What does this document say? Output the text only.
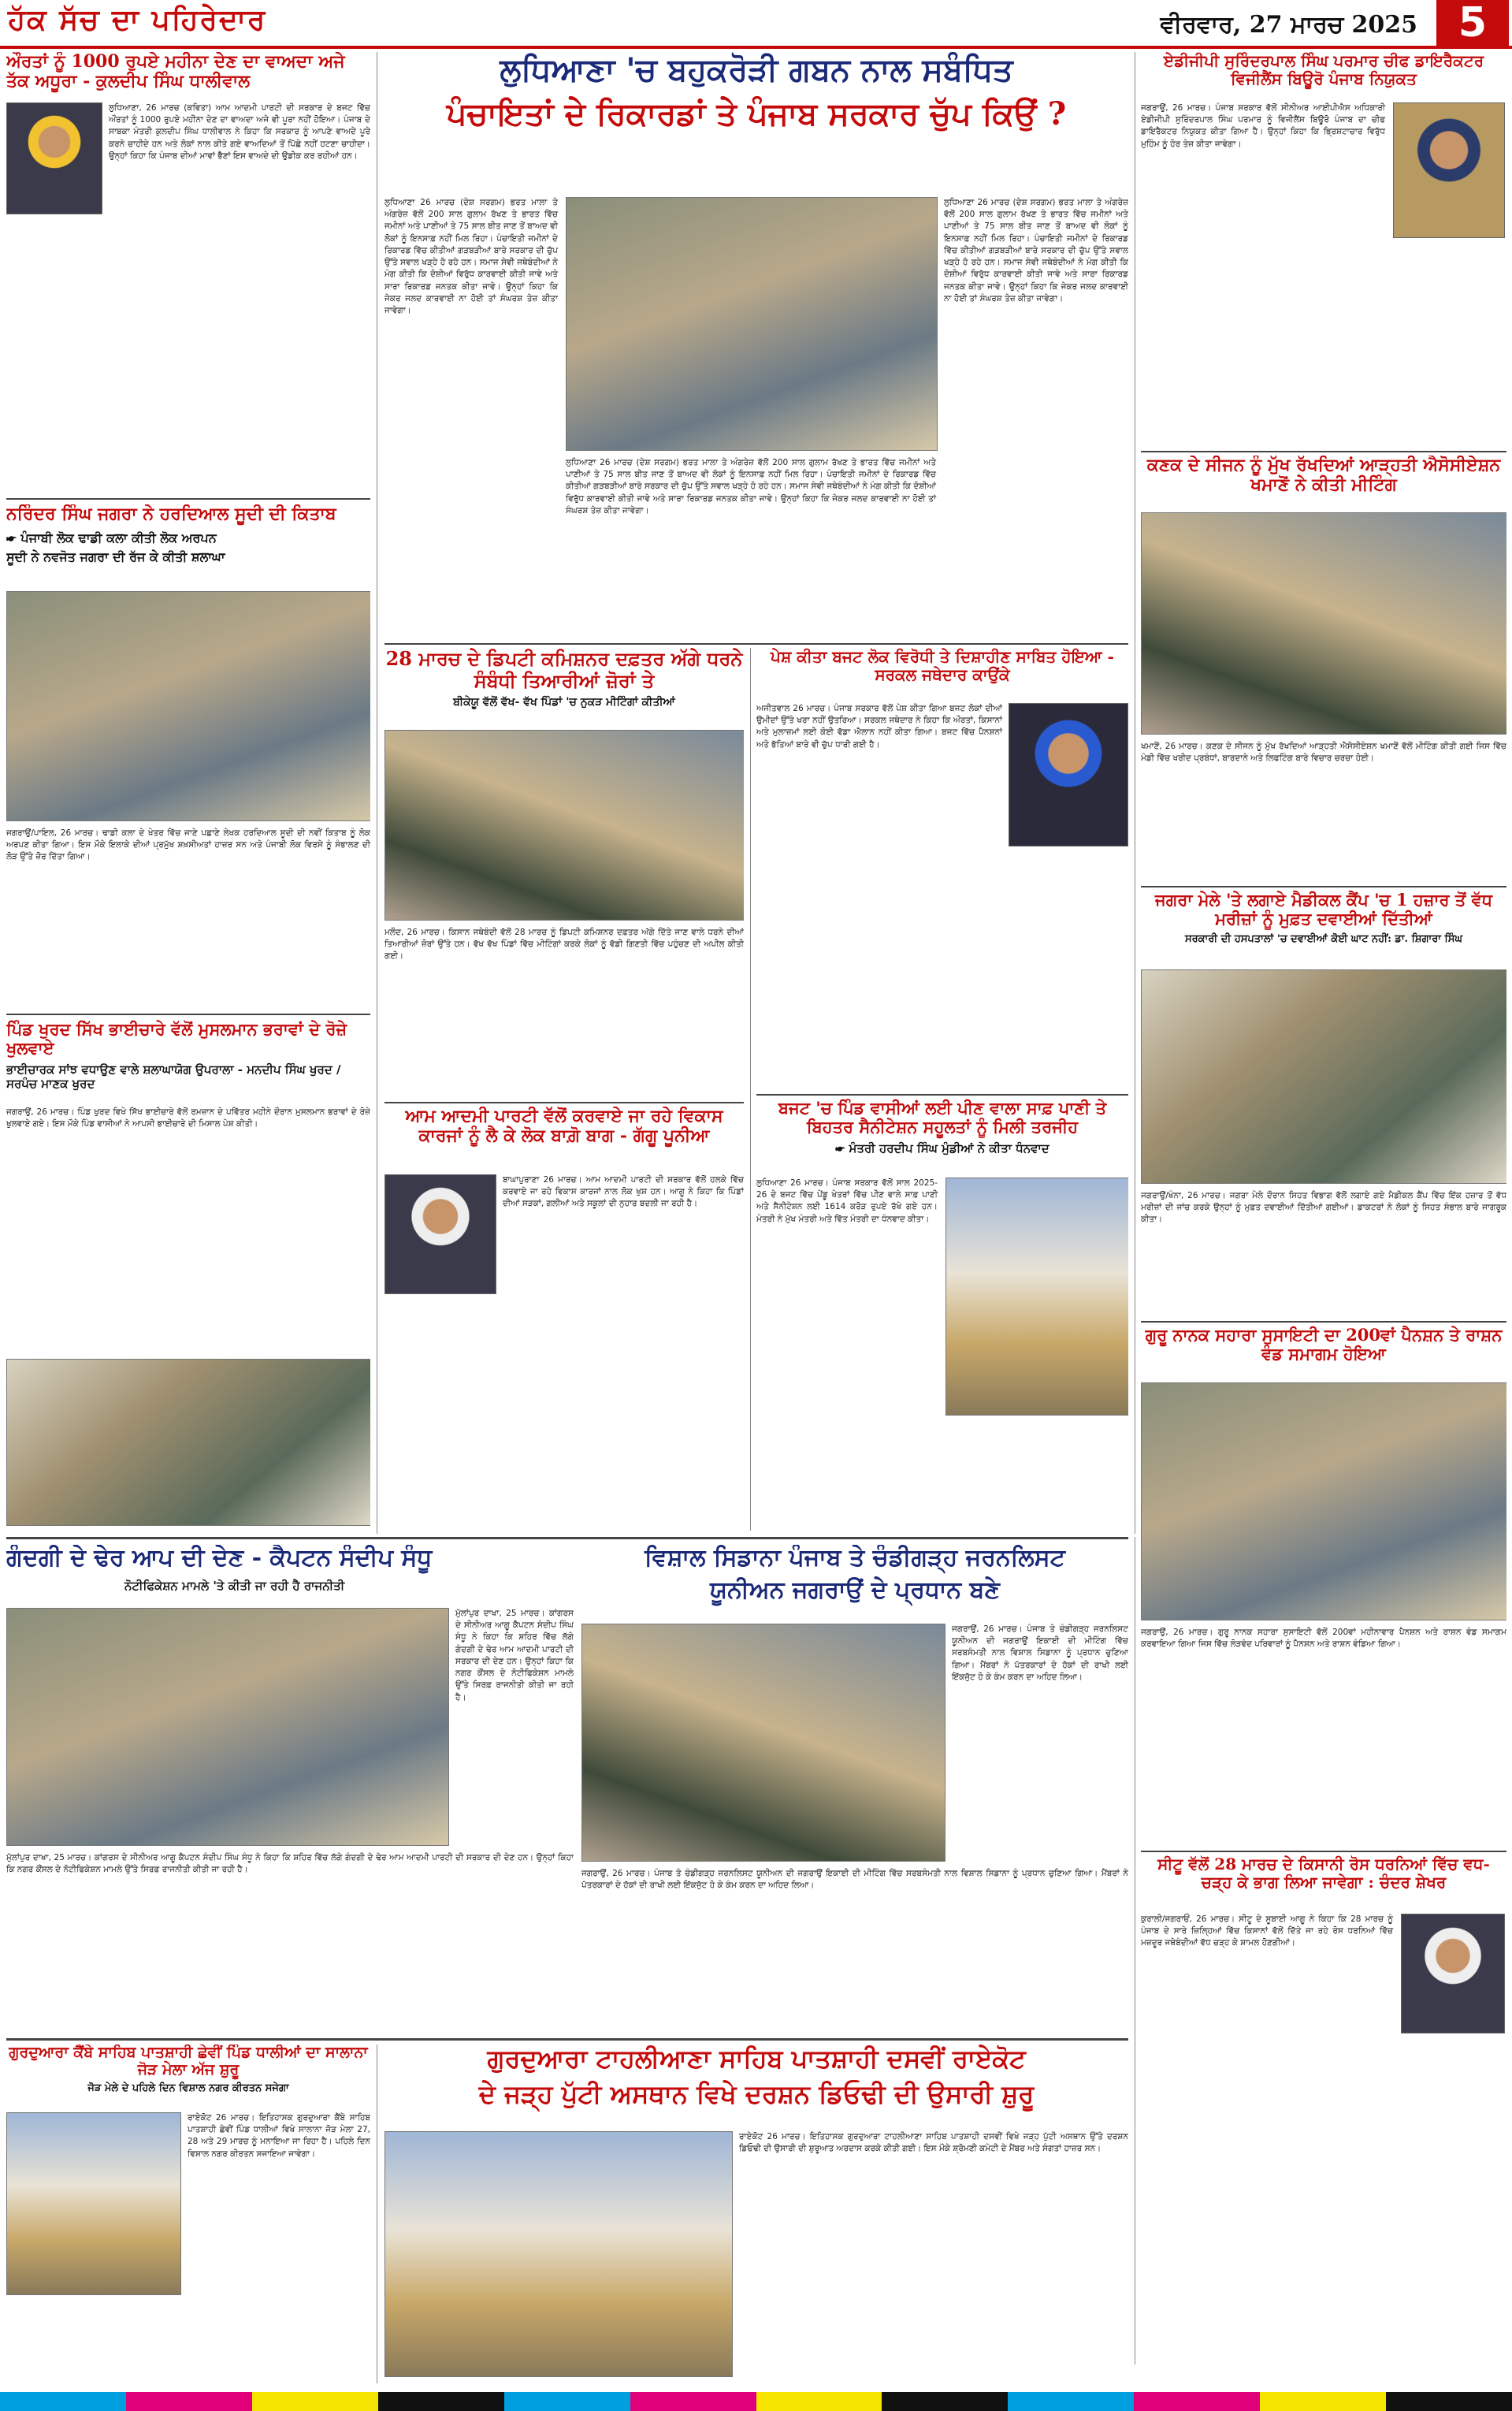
ਹੱਕ ਸੱਚ ਦਾ ਪਹਿਰੇਦਾਰ	ਵੀਰਵਾਰ, 27 ਮਾਰਚ 2025 5
ਔਰਤਾਂ ਨੂੰ 1000 ਰੁਪਏ ਮਹੀਨਾ ਦੇਣ ਦਾ ਵਾਅਦਾ ਅਜੇ ਤੱਕ ਅਧੂਰਾ - ਕੁਲਦੀਪ ਸਿੰਘ ਧਾਲੀਵਾਲ
ਲੁਧਿਆਣਾ, 26 ਮਾਰਚ (ਕਵਿਤਾ) ਆਮ ਆਦਮੀ ਪਾਰਟੀ ਦੀ ਸਰਕਾਰ ਦੇ ਬਜਟ ਵਿੱਚ ਔਰਤਾਂ ਨੂੰ 1000 ਰੁਪਏ ਮਹੀਨਾ ਦੇਣ ਦਾ ਵਾਅਦਾ ਅਜੇ ਵੀ ਪੂਰਾ ਨਹੀਂ ਹੋਇਆ। ਪੰਜਾਬ ਦੇ ਸਾਬਕਾ ਮੰਤਰੀ ਕੁਲਦੀਪ ਸਿੰਘ ਧਾਲੀਵਾਲ ਨੇ ਕਿਹਾ ਕਿ ਸਰਕਾਰ ਨੂੰ ਆਪਣੇ ਵਾਅਦੇ ਪੂਰੇ ਕਰਨੇ ਚਾਹੀਦੇ ਹਨ ਅਤੇ ਲੋਕਾਂ ਨਾਲ ਕੀਤੇ ਗਏ ਵਾਅਦਿਆਂ ਤੋਂ ਪਿੱਛੇ ਨਹੀਂ ਹਟਣਾ ਚਾਹੀਦਾ। ਉਨ੍ਹਾਂ ਕਿਹਾ ਕਿ ਪੰਜਾਬ ਦੀਆਂ ਮਾਵਾਂ ਭੈਣਾਂ ਇਸ ਵਾਅਦੇ ਦੀ ਉਡੀਕ ਕਰ ਰਹੀਆਂ ਹਨ।
ਨਰਿੰਦਰ ਸਿੰਘ ਜਗਰਾ ਨੇ ਹਰਦਿਆਲ ਸੂਦੀ ਦੀ ਕਿਤਾਬ
☛ ਪੰਜਾਬੀ ਲੋਕ ਢਾਡੀ ਕਲਾ ਕੀਤੀ ਲੋਕ ਅਰਪਨ
ਸੂਦੀ ਨੇ ਨਵਜੋਤ ਜਗਰਾ ਦੀ ਰੱਜ ਕੇ ਕੀਤੀ ਸ਼ਲਾਘਾ
ਜਗਰਾਉਂ/ਪਾਇਲ, 26 ਮਾਰਚ। ਢਾਡੀ ਕਲਾ ਦੇ ਖੇਤਰ ਵਿੱਚ ਜਾਣੇ ਪਛਾਣੇ ਲੇਖਕ ਹਰਦਿਆਲ ਸੂਦੀ ਦੀ ਨਵੀਂ ਕਿਤਾਬ ਨੂੰ ਲੋਕ ਅਰਪਣ ਕੀਤਾ ਗਿਆ। ਇਸ ਮੌਕੇ ਇਲਾਕੇ ਦੀਆਂ ਪ੍ਰਮੁੱਖ ਸ਼ਖ਼ਸੀਅਤਾਂ ਹਾਜ਼ਰ ਸਨ ਅਤੇ ਪੰਜਾਬੀ ਲੋਕ ਵਿਰਸੇ ਨੂੰ ਸੰਭਾਲਣ ਦੀ ਲੋੜ ਉੱਤੇ ਜ਼ੋਰ ਦਿੱਤਾ ਗਿਆ।
ਪਿੰਡ ਖੁਰਦ ਸਿੱਖ ਭਾਈਚਾਰੇ ਵੱਲੋਂ ਮੁਸਲਮਾਨ ਭਰਾਵਾਂ ਦੇ ਰੋਜ਼ੇ ਖੁਲਵਾਏ
ਭਾਈਚਾਰਕ ਸਾਂਝ ਵਧਾਉਣ ਵਾਲੇ ਸ਼ਲਾਘਾਯੋਗ ਉਪਰਾਲਾ - ਮਨਦੀਪ ਸਿੰਘ ਖੁਰਦ / ਸਰਪੰਚ ਮਾਣਕ ਖੁਰਦ
ਜਗਰਾਉਂ, 26 ਮਾਰਚ। ਪਿੰਡ ਖੁਰਦ ਵਿਖੇ ਸਿੱਖ ਭਾਈਚਾਰੇ ਵੱਲੋਂ ਰਮਜ਼ਾਨ ਦੇ ਪਵਿੱਤਰ ਮਹੀਨੇ ਦੌਰਾਨ ਮੁਸਲਮਾਨ ਭਰਾਵਾਂ ਦੇ ਰੋਜ਼ੇ ਖੁਲਵਾਏ ਗਏ। ਇਸ ਮੌਕੇ ਪਿੰਡ ਵਾਸੀਆਂ ਨੇ ਆਪਸੀ ਭਾਈਚਾਰੇ ਦੀ ਮਿਸਾਲ ਪੇਸ਼ ਕੀਤੀ।
ਲੁਧਿਆਣਾ 'ਚ ਬਹੁਕਰੋੜੀ ਗਬਨ ਨਾਲ ਸਬੰਧਿਤ
ਪੰਚਾਇਤਾਂ ਦੇ ਰਿਕਾਰਡਾਂ ਤੇ ਪੰਜਾਬ ਸਰਕਾਰ ਚੁੱਪ ਕਿਉਂ ?
ਲੁਧਿਆਣਾ 26 ਮਾਰਚ (ਦੇਸ਼ ਸਰਗਮ) ਭਰਤ ਮਾਲਾ ਤੇ ਅੰਗਰੇਜ਼ ਵੱਲੋਂ 200 ਸਾਲ ਗੁਲਾਮ ਰੱਖਣ ਤੇ ਭਾਰਤ ਵਿੱਚ ਜਮੀਨਾਂ ਅਤੇ ਪਾਣੀਆਂ ਤੇ 75 ਸਾਲ ਬੀਤ ਜਾਣ ਤੋਂ ਬਾਅਦ ਵੀ ਲੋਕਾਂ ਨੂੰ ਇਨਸਾਫ਼ ਨਹੀਂ ਮਿਲ ਰਿਹਾ। ਪੰਚਾਇਤੀ ਜਮੀਨਾਂ ਦੇ ਰਿਕਾਰਡ ਵਿੱਚ ਕੀਤੀਆਂ ਗੜਬੜੀਆਂ ਬਾਰੇ ਸਰਕਾਰ ਦੀ ਚੁੱਪ ਉੱਤੇ ਸਵਾਲ ਖੜ੍ਹੇ ਹੋ ਰਹੇ ਹਨ। ਸਮਾਜ ਸੇਵੀ ਜਥੇਬੰਦੀਆਂ ਨੇ ਮੰਗ ਕੀਤੀ ਕਿ ਦੋਸ਼ੀਆਂ ਵਿਰੁੱਧ ਕਾਰਵਾਈ ਕੀਤੀ ਜਾਵੇ ਅਤੇ ਸਾਰਾ ਰਿਕਾਰਡ ਜਨਤਕ ਕੀਤਾ ਜਾਵੇ। ਉਨ੍ਹਾਂ ਕਿਹਾ ਕਿ ਜੇਕਰ ਜਲਦ ਕਾਰਵਾਈ ਨਾ ਹੋਈ ਤਾਂ ਸੰਘਰਸ਼ ਤੇਜ਼ ਕੀਤਾ ਜਾਵੇਗਾ।
ਲੁਧਿਆਣਾ 26 ਮਾਰਚ (ਦੇਸ਼ ਸਰਗਮ) ਭਰਤ ਮਾਲਾ ਤੇ ਅੰਗਰੇਜ਼ ਵੱਲੋਂ 200 ਸਾਲ ਗੁਲਾਮ ਰੱਖਣ ਤੇ ਭਾਰਤ ਵਿੱਚ ਜਮੀਨਾਂ ਅਤੇ ਪਾਣੀਆਂ ਤੇ 75 ਸਾਲ ਬੀਤ ਜਾਣ ਤੋਂ ਬਾਅਦ ਵੀ ਲੋਕਾਂ ਨੂੰ ਇਨਸਾਫ਼ ਨਹੀਂ ਮਿਲ ਰਿਹਾ। ਪੰਚਾਇਤੀ ਜਮੀਨਾਂ ਦੇ ਰਿਕਾਰਡ ਵਿੱਚ ਕੀਤੀਆਂ ਗੜਬੜੀਆਂ ਬਾਰੇ ਸਰਕਾਰ ਦੀ ਚੁੱਪ ਉੱਤੇ ਸਵਾਲ ਖੜ੍ਹੇ ਹੋ ਰਹੇ ਹਨ। ਸਮਾਜ ਸੇਵੀ ਜਥੇਬੰਦੀਆਂ ਨੇ ਮੰਗ ਕੀਤੀ ਕਿ ਦੋਸ਼ੀਆਂ ਵਿਰੁੱਧ ਕਾਰਵਾਈ ਕੀਤੀ ਜਾਵੇ ਅਤੇ ਸਾਰਾ ਰਿਕਾਰਡ ਜਨਤਕ ਕੀਤਾ ਜਾਵੇ। ਉਨ੍ਹਾਂ ਕਿਹਾ ਕਿ ਜੇਕਰ ਜਲਦ ਕਾਰਵਾਈ ਨਾ ਹੋਈ ਤਾਂ ਸੰਘਰਸ਼ ਤੇਜ਼ ਕੀਤਾ ਜਾਵੇਗਾ।
ਲੁਧਿਆਣਾ 26 ਮਾਰਚ (ਦੇਸ਼ ਸਰਗਮ) ਭਰਤ ਮਾਲਾ ਤੇ ਅੰਗਰੇਜ਼ ਵੱਲੋਂ 200 ਸਾਲ ਗੁਲਾਮ ਰੱਖਣ ਤੇ ਭਾਰਤ ਵਿੱਚ ਜਮੀਨਾਂ ਅਤੇ ਪਾਣੀਆਂ ਤੇ 75 ਸਾਲ ਬੀਤ ਜਾਣ ਤੋਂ ਬਾਅਦ ਵੀ ਲੋਕਾਂ ਨੂੰ ਇਨਸਾਫ਼ ਨਹੀਂ ਮਿਲ ਰਿਹਾ। ਪੰਚਾਇਤੀ ਜਮੀਨਾਂ ਦੇ ਰਿਕਾਰਡ ਵਿੱਚ ਕੀਤੀਆਂ ਗੜਬੜੀਆਂ ਬਾਰੇ ਸਰਕਾਰ ਦੀ ਚੁੱਪ ਉੱਤੇ ਸਵਾਲ ਖੜ੍ਹੇ ਹੋ ਰਹੇ ਹਨ। ਸਮਾਜ ਸੇਵੀ ਜਥੇਬੰਦੀਆਂ ਨੇ ਮੰਗ ਕੀਤੀ ਕਿ ਦੋਸ਼ੀਆਂ ਵਿਰੁੱਧ ਕਾਰਵਾਈ ਕੀਤੀ ਜਾਵੇ ਅਤੇ ਸਾਰਾ ਰਿਕਾਰਡ ਜਨਤਕ ਕੀਤਾ ਜਾਵੇ। ਉਨ੍ਹਾਂ ਕਿਹਾ ਕਿ ਜੇਕਰ ਜਲਦ ਕਾਰਵਾਈ ਨਾ ਹੋਈ ਤਾਂ ਸੰਘਰਸ਼ ਤੇਜ਼ ਕੀਤਾ ਜਾਵੇਗਾ।
28 ਮਾਰਚ ਦੇ ਡਿਪਟੀ ਕਮਿਸ਼ਨਰ ਦਫ਼ਤਰ ਅੱਗੇ ਧਰਨੇ ਸੰਬੰਧੀ ਤਿਆਰੀਆਂ ਜ਼ੋਰਾਂ ਤੇ
ਬੀਕੇਯੂ ਵੱਲੋਂ ਵੱਖ- ਵੱਖ ਪਿੰਡਾਂ 'ਚ ਨੁਕੜ ਮੀਟਿੰਗਾਂ ਕੀਤੀਆਂ
ਮਲੌਦ, 26 ਮਾਰਚ। ਕਿਸਾਨ ਜਥੇਬੰਦੀ ਵੱਲੋਂ 28 ਮਾਰਚ ਨੂੰ ਡਿਪਟੀ ਕਮਿਸ਼ਨਰ ਦਫ਼ਤਰ ਅੱਗੇ ਦਿੱਤੇ ਜਾਣ ਵਾਲੇ ਧਰਨੇ ਦੀਆਂ ਤਿਆਰੀਆਂ ਜ਼ੋਰਾਂ ਉੱਤੇ ਹਨ। ਵੱਖ ਵੱਖ ਪਿੰਡਾਂ ਵਿੱਚ ਮੀਟਿੰਗਾਂ ਕਰਕੇ ਲੋਕਾਂ ਨੂੰ ਵੱਡੀ ਗਿਣਤੀ ਵਿੱਚ ਪਹੁੰਚਣ ਦੀ ਅਪੀਲ ਕੀਤੀ ਗਈ।
ਆਮ ਆਦਮੀ ਪਾਰਟੀ ਵੱਲੋਂ ਕਰਵਾਏ ਜਾ ਰਹੇ ਵਿਕਾਸ ਕਾਰਜਾਂ ਨੂੰ ਲੈ ਕੇ ਲੋਕ ਬਾਗ਼ੋ ਬਾਗ - ਗੱਗੂ ਪੂਨੀਆ
ਬਾਘਾਪੁਰਾਣਾ 26 ਮਾਰਚ। ਆਮ ਆਦਮੀ ਪਾਰਟੀ ਦੀ ਸਰਕਾਰ ਵੱਲੋਂ ਹਲਕੇ ਵਿੱਚ ਕਰਵਾਏ ਜਾ ਰਹੇ ਵਿਕਾਸ ਕਾਰਜਾਂ ਨਾਲ ਲੋਕ ਖੁਸ਼ ਹਨ। ਆਗੂ ਨੇ ਕਿਹਾ ਕਿ ਪਿੰਡਾਂ ਦੀਆਂ ਸੜਕਾਂ, ਗਲੀਆਂ ਅਤੇ ਸਕੂਲਾਂ ਦੀ ਨੁਹਾਰ ਬਦਲੀ ਜਾ ਰਹੀ ਹੈ।
ਪੇਸ਼ ਕੀਤਾ ਬਜਟ ਲੋਕ ਵਿਰੋਧੀ ਤੇ ਦਿਸ਼ਾਹੀਣ ਸਾਬਿਤ ਹੋਇਆ - ਸਰਕਲ ਜਥੇਦਾਰ ਕਾਉਂਕੇ
ਅਜੀਤਵਾਲ 26 ਮਾਰਚ। ਪੰਜਾਬ ਸਰਕਾਰ ਵੱਲੋਂ ਪੇਸ਼ ਕੀਤਾ ਗਿਆ ਬਜਟ ਲੋਕਾਂ ਦੀਆਂ ਉਮੀਦਾਂ ਉੱਤੇ ਖਰਾ ਨਹੀਂ ਉਤਰਿਆ। ਸਰਕਲ ਜਥੇਦਾਰ ਨੇ ਕਿਹਾ ਕਿ ਔਰਤਾਂ, ਕਿਸਾਨਾਂ ਅਤੇ ਮੁਲਾਜ਼ਮਾਂ ਲਈ ਕੋਈ ਵੱਡਾ ਐਲਾਨ ਨਹੀਂ ਕੀਤਾ ਗਿਆ। ਬਜਟ ਵਿੱਚ ਪੈਨਸ਼ਨਾਂ ਅਤੇ ਭੱਤਿਆਂ ਬਾਰੇ ਵੀ ਚੁੱਪ ਧਾਰੀ ਗਈ ਹੈ।
ਬਜਟ 'ਚ ਪਿੰਡ ਵਾਸੀਆਂ ਲਈ ਪੀਣ ਵਾਲਾ ਸਾਫ਼ ਪਾਣੀ ਤੇ ਬਿਹਤਰ ਸੈਨੀਟੇਸ਼ਨ ਸਹੂਲਤਾਂ ਨੂੰ ਮਿਲੀ ਤਰਜੀਹ
☛ ਮੰਤਰੀ ਹਰਦੀਪ ਸਿੰਘ ਮੁੰਡੀਆਂ ਨੇ ਕੀਤਾ ਧੰਨਵਾਦ
ਲੁਧਿਆਣਾ 26 ਮਾਰਚ। ਪੰਜਾਬ ਸਰਕਾਰ ਵੱਲੋਂ ਸਾਲ 2025-26 ਦੇ ਬਜਟ ਵਿੱਚ ਪੇਂਡੂ ਖੇਤਰਾਂ ਵਿੱਚ ਪੀਣ ਵਾਲੇ ਸਾਫ਼ ਪਾਣੀ ਅਤੇ ਸੈਨੀਟੇਸ਼ਨ ਲਈ 1614 ਕਰੋੜ ਰੁਪਏ ਰੱਖੇ ਗਏ ਹਨ। ਮੰਤਰੀ ਨੇ ਮੁੱਖ ਮੰਤਰੀ ਅਤੇ ਵਿੱਤ ਮੰਤਰੀ ਦਾ ਧੰਨਵਾਦ ਕੀਤਾ।
ਏਡੀਜੀਪੀ ਸੁਰਿੰਦਰਪਾਲ ਸਿੰਘ ਪਰਮਾਰ ਚੀਫ ਡਾਇਰੈਕਟਰ ਵਿਜੀਲੈਂਸ ਬਿਊਰੋ ਪੰਜਾਬ ਨਿਯੁਕਤ
ਜਗਰਾਉਂ, 26 ਮਾਰਚ। ਪੰਜਾਬ ਸਰਕਾਰ ਵੱਲੋਂ ਸੀਨੀਅਰ ਆਈਪੀਐਸ ਅਧਿਕਾਰੀ ਏਡੀਜੀਪੀ ਸੁਰਿੰਦਰਪਾਲ ਸਿੰਘ ਪਰਮਾਰ ਨੂੰ ਵਿਜੀਲੈਂਸ ਬਿਊਰੋ ਪੰਜਾਬ ਦਾ ਚੀਫ ਡਾਇਰੈਕਟਰ ਨਿਯੁਕਤ ਕੀਤਾ ਗਿਆ ਹੈ। ਉਨ੍ਹਾਂ ਕਿਹਾ ਕਿ ਭ੍ਰਿਸ਼ਟਾਚਾਰ ਵਿਰੁੱਧ ਮੁਹਿੰਮ ਨੂੰ ਹੋਰ ਤੇਜ਼ ਕੀਤਾ ਜਾਵੇਗਾ।
ਕਣਕ ਦੇ ਸੀਜਨ ਨੂੰ ਮੁੱਖ ਰੱਖਦਿਆਂ ਆੜ੍ਹਤੀ ਐਸੋਸੀਏਸ਼ਨ ਖਮਾਣੋਂ ਨੇ ਕੀਤੀ ਮੀਟਿੰਗ
ਖਮਾਣੋਂ, 26 ਮਾਰਚ। ਕਣਕ ਦੇ ਸੀਜਨ ਨੂੰ ਮੁੱਖ ਰੱਖਦਿਆਂ ਆੜ੍ਹਤੀ ਐਸੋਸੀਏਸ਼ਨ ਖਮਾਣੋਂ ਵੱਲੋਂ ਮੀਟਿੰਗ ਕੀਤੀ ਗਈ ਜਿਸ ਵਿੱਚ ਮੰਡੀ ਵਿੱਚ ਖਰੀਦ ਪ੍ਰਬੰਧਾਂ, ਬਾਰਦਾਨੇ ਅਤੇ ਲਿਫਟਿੰਗ ਬਾਰੇ ਵਿਚਾਰ ਚਰਚਾ ਹੋਈ।
ਜਗਰਾ ਮੇਲੇ 'ਤੇ ਲਗਾਏ ਮੈਡੀਕਲ ਕੈਂਪ 'ਚ 1 ਹਜ਼ਾਰ ਤੋਂ ਵੱਧ ਮਰੀਜ਼ਾਂ ਨੂੰ ਮੁਫ਼ਤ ਦਵਾਈਆਂ ਦਿੱਤੀਆਂ
ਸਰਕਾਰੀ ਦੀ ਹਸਪਤਾਲਾਂ 'ਚ ਦਵਾਈਆਂ ਕੋਈ ਘਾਟ ਨਹੀਂ: ਡਾ. ਸ਼ਿਗਾਰਾ ਸਿੰਘ
ਜਗਰਾਉਂ/ਖੰਨਾ, 26 ਮਾਰਚ। ਜਗਰਾ ਮੇਲੇ ਦੌਰਾਨ ਸਿਹਤ ਵਿਭਾਗ ਵੱਲੋਂ ਲਗਾਏ ਗਏ ਮੈਡੀਕਲ ਕੈਂਪ ਵਿੱਚ ਇੱਕ ਹਜ਼ਾਰ ਤੋਂ ਵੱਧ ਮਰੀਜ਼ਾਂ ਦੀ ਜਾਂਚ ਕਰਕੇ ਉਨ੍ਹਾਂ ਨੂੰ ਮੁਫ਼ਤ ਦਵਾਈਆਂ ਦਿੱਤੀਆਂ ਗਈਆਂ। ਡਾਕਟਰਾਂ ਨੇ ਲੋਕਾਂ ਨੂੰ ਸਿਹਤ ਸੰਭਾਲ ਬਾਰੇ ਜਾਗਰੂਕ ਕੀਤਾ।
ਗੁਰੂ ਨਾਨਕ ਸਹਾਰਾ ਸੁਸਾਇਟੀ ਦਾ 200ਵਾਂ ਪੈਨਸ਼ਨ ਤੇ ਰਾਸ਼ਨ ਵੰਡ ਸਮਾਗਮ ਹੋਇਆ
ਜਗਰਾਉਂ, 26 ਮਾਰਚ। ਗੁਰੂ ਨਾਨਕ ਸਹਾਰਾ ਸੁਸਾਇਟੀ ਵੱਲੋਂ 200ਵਾਂ ਮਹੀਨਾਵਾਰ ਪੈਨਸ਼ਨ ਅਤੇ ਰਾਸ਼ਨ ਵੰਡ ਸਮਾਗਮ ਕਰਵਾਇਆ ਗਿਆ ਜਿਸ ਵਿੱਚ ਲੋੜਵੰਦ ਪਰਿਵਾਰਾਂ ਨੂੰ ਪੈਨਸ਼ਨ ਅਤੇ ਰਾਸ਼ਨ ਵੰਡਿਆ ਗਿਆ।
ਸੀਟੂ ਵੱਲੋਂ 28 ਮਾਰਚ ਦੇ ਕਿਸਾਨੀ ਰੋਸ ਧਰਨਿਆਂ ਵਿੱਚ ਵਧ- ਚੜ੍ਹ ਕੇ ਭਾਗ ਲਿਆ ਜਾਵੇਗਾ : ਚੰਦਰ ਸ਼ੇਖਰ
ਕੁਰਾਲੀ/ਜਗਰਾਓਂ, 26 ਮਾਰਚ। ਸੀਟੂ ਦੇ ਸੂਬਾਈ ਆਗੂ ਨੇ ਕਿਹਾ ਕਿ 28 ਮਾਰਚ ਨੂੰ ਪੰਜਾਬ ਦੇ ਸਾਰੇ ਜ਼ਿਲ੍ਹਿਆਂ ਵਿੱਚ ਕਿਸਾਨਾਂ ਵੱਲੋਂ ਦਿੱਤੇ ਜਾ ਰਹੇ ਰੋਸ ਧਰਨਿਆਂ ਵਿੱਚ ਮਜ਼ਦੂਰ ਜਥੇਬੰਦੀਆਂ ਵੱਧ ਚੜ੍ਹ ਕੇ ਸ਼ਾਮਲ ਹੋਣਗੀਆਂ।
ਗੰਦਗੀ ਦੇ ਢੇਰ ਆਪ ਦੀ ਦੇਣ - ਕੈਪਟਨ ਸੰਦੀਪ ਸੰਧੂ
ਨੋਟੀਫਿਕੇਸ਼ਨ ਮਾਮਲੇ 'ਤੇ ਕੀਤੀ ਜਾ ਰਹੀ ਹੈ ਰਾਜਨੀਤੀ
ਮੁੱਲਾਂਪੁਰ ਦਾਖਾ, 25 ਮਾਰਚ। ਕਾਂਗਰਸ ਦੇ ਸੀਨੀਅਰ ਆਗੂ ਕੈਪਟਨ ਸੰਦੀਪ ਸਿੰਘ ਸੰਧੂ ਨੇ ਕਿਹਾ ਕਿ ਸ਼ਹਿਰ ਵਿੱਚ ਲੱਗੇ ਗੰਦਗੀ ਦੇ ਢੇਰ ਆਮ ਆਦਮੀ ਪਾਰਟੀ ਦੀ ਸਰਕਾਰ ਦੀ ਦੇਣ ਹਨ। ਉਨ੍ਹਾਂ ਕਿਹਾ ਕਿ ਨਗਰ ਕੌਂਸਲ ਦੇ ਨੋਟੀਫਿਕੇਸ਼ਨ ਮਾਮਲੇ ਉੱਤੇ ਸਿਰਫ਼ ਰਾਜਨੀਤੀ ਕੀਤੀ ਜਾ ਰਹੀ ਹੈ।
ਮੁੱਲਾਂਪੁਰ ਦਾਖਾ, 25 ਮਾਰਚ। ਕਾਂਗਰਸ ਦੇ ਸੀਨੀਅਰ ਆਗੂ ਕੈਪਟਨ ਸੰਦੀਪ ਸਿੰਘ ਸੰਧੂ ਨੇ ਕਿਹਾ ਕਿ ਸ਼ਹਿਰ ਵਿੱਚ ਲੱਗੇ ਗੰਦਗੀ ਦੇ ਢੇਰ ਆਮ ਆਦਮੀ ਪਾਰਟੀ ਦੀ ਸਰਕਾਰ ਦੀ ਦੇਣ ਹਨ। ਉਨ੍ਹਾਂ ਕਿਹਾ ਕਿ ਨਗਰ ਕੌਂਸਲ ਦੇ ਨੋਟੀਫਿਕੇਸ਼ਨ ਮਾਮਲੇ ਉੱਤੇ ਸਿਰਫ਼ ਰਾਜਨੀਤੀ ਕੀਤੀ ਜਾ ਰਹੀ ਹੈ।
ਵਿਸ਼ਾਲ ਸਿਡਾਨਾ ਪੰਜਾਬ ਤੇ ਚੰਡੀਗੜ੍ਹ ਜਰਨਲਿਸਟ
ਯੂਨੀਅਨ ਜਗਰਾਉਂ ਦੇ ਪ੍ਰਧਾਨ ਬਣੇ
ਜਗਰਾਉਂ, 26 ਮਾਰਚ। ਪੰਜਾਬ ਤੇ ਚੰਡੀਗੜ੍ਹ ਜਰਨਲਿਸਟ ਯੂਨੀਅਨ ਦੀ ਜਗਰਾਉਂ ਇਕਾਈ ਦੀ ਮੀਟਿੰਗ ਵਿੱਚ ਸਰਬਸੰਮਤੀ ਨਾਲ ਵਿਸ਼ਾਲ ਸਿਡਾਨਾ ਨੂੰ ਪ੍ਰਧਾਨ ਚੁਣਿਆ ਗਿਆ। ਮੈਂਬਰਾਂ ਨੇ ਪੱਤਰਕਾਰਾਂ ਦੇ ਹੱਕਾਂ ਦੀ ਰਾਖੀ ਲਈ ਇੱਕਜੁੱਟ ਹੋ ਕੇ ਕੰਮ ਕਰਨ ਦਾ ਅਹਿਦ ਲਿਆ।
ਜਗਰਾਉਂ, 26 ਮਾਰਚ। ਪੰਜਾਬ ਤੇ ਚੰਡੀਗੜ੍ਹ ਜਰਨਲਿਸਟ ਯੂਨੀਅਨ ਦੀ ਜਗਰਾਉਂ ਇਕਾਈ ਦੀ ਮੀਟਿੰਗ ਵਿੱਚ ਸਰਬਸੰਮਤੀ ਨਾਲ ਵਿਸ਼ਾਲ ਸਿਡਾਨਾ ਨੂੰ ਪ੍ਰਧਾਨ ਚੁਣਿਆ ਗਿਆ। ਮੈਂਬਰਾਂ ਨੇ ਪੱਤਰਕਾਰਾਂ ਦੇ ਹੱਕਾਂ ਦੀ ਰਾਖੀ ਲਈ ਇੱਕਜੁੱਟ ਹੋ ਕੇ ਕੰਮ ਕਰਨ ਦਾ ਅਹਿਦ ਲਿਆ।
ਗੁਰਦੁਆਰਾ ਕੈਂਬੇ ਸਾਹਿਬ ਪਾਤਸ਼ਾਹੀ ਛੇਵੀਂ ਪਿੰਡ ਧਾਲੀਆਂ ਦਾ ਸਾਲਾਨਾ ਜੋੜ ਮੇਲਾ ਅੱਜ ਸ਼ੁਰੂ
ਜੋੜ ਮੇਲੇ ਦੇ ਪਹਿਲੇ ਦਿਨ ਵਿਸ਼ਾਲ ਨਗਰ ਕੀਰਤਨ ਸਜੇਗਾ
ਰਾਏਕੋਟ 26 ਮਾਰਚ। ਇਤਿਹਾਸਕ ਗੁਰਦੁਆਰਾ ਕੈਂਬੇ ਸਾਹਿਬ ਪਾਤਸ਼ਾਹੀ ਛੇਵੀਂ ਪਿੰਡ ਧਾਲੀਆਂ ਵਿਖੇ ਸਾਲਾਨਾ ਜੋੜ ਮੇਲਾ 27, 28 ਅਤੇ 29 ਮਾਰਚ ਨੂੰ ਮਨਾਇਆ ਜਾ ਰਿਹਾ ਹੈ। ਪਹਿਲੇ ਦਿਨ ਵਿਸ਼ਾਲ ਨਗਰ ਕੀਰਤਨ ਸਜਾਇਆ ਜਾਵੇਗਾ।
ਗੁਰਦੁਆਰਾ ਟਾਹਲੀਆਣਾ ਸਾਹਿਬ ਪਾਤਸ਼ਾਹੀ ਦਸਵੀਂ ਰਾਏਕੋਟ
ਦੇ ਜੜ੍ਹ ਪੁੱਟੀ ਅਸਥਾਨ ਵਿਖੇ ਦਰਸ਼ਨ ਡਿਓਢੀ ਦੀ ਉਸਾਰੀ ਸ਼ੁਰੂ
ਰਾਏਕੋਟ 26 ਮਾਰਚ। ਇਤਿਹਾਸਕ ਗੁਰਦੁਆਰਾ ਟਾਹਲੀਆਣਾ ਸਾਹਿਬ ਪਾਤਸ਼ਾਹੀ ਦਸਵੀਂ ਵਿਖੇ ਜੜ੍ਹ ਪੁੱਟੀ ਅਸਥਾਨ ਉੱਤੇ ਦਰਸ਼ਨ ਡਿਓਢੀ ਦੀ ਉਸਾਰੀ ਦੀ ਸ਼ੁਰੂਆਤ ਅਰਦਾਸ ਕਰਕੇ ਕੀਤੀ ਗਈ। ਇਸ ਮੌਕੇ ਸ਼੍ਰੋਮਣੀ ਕਮੇਟੀ ਦੇ ਮੈਂਬਰ ਅਤੇ ਸੰਗਤਾਂ ਹਾਜ਼ਰ ਸਨ।
